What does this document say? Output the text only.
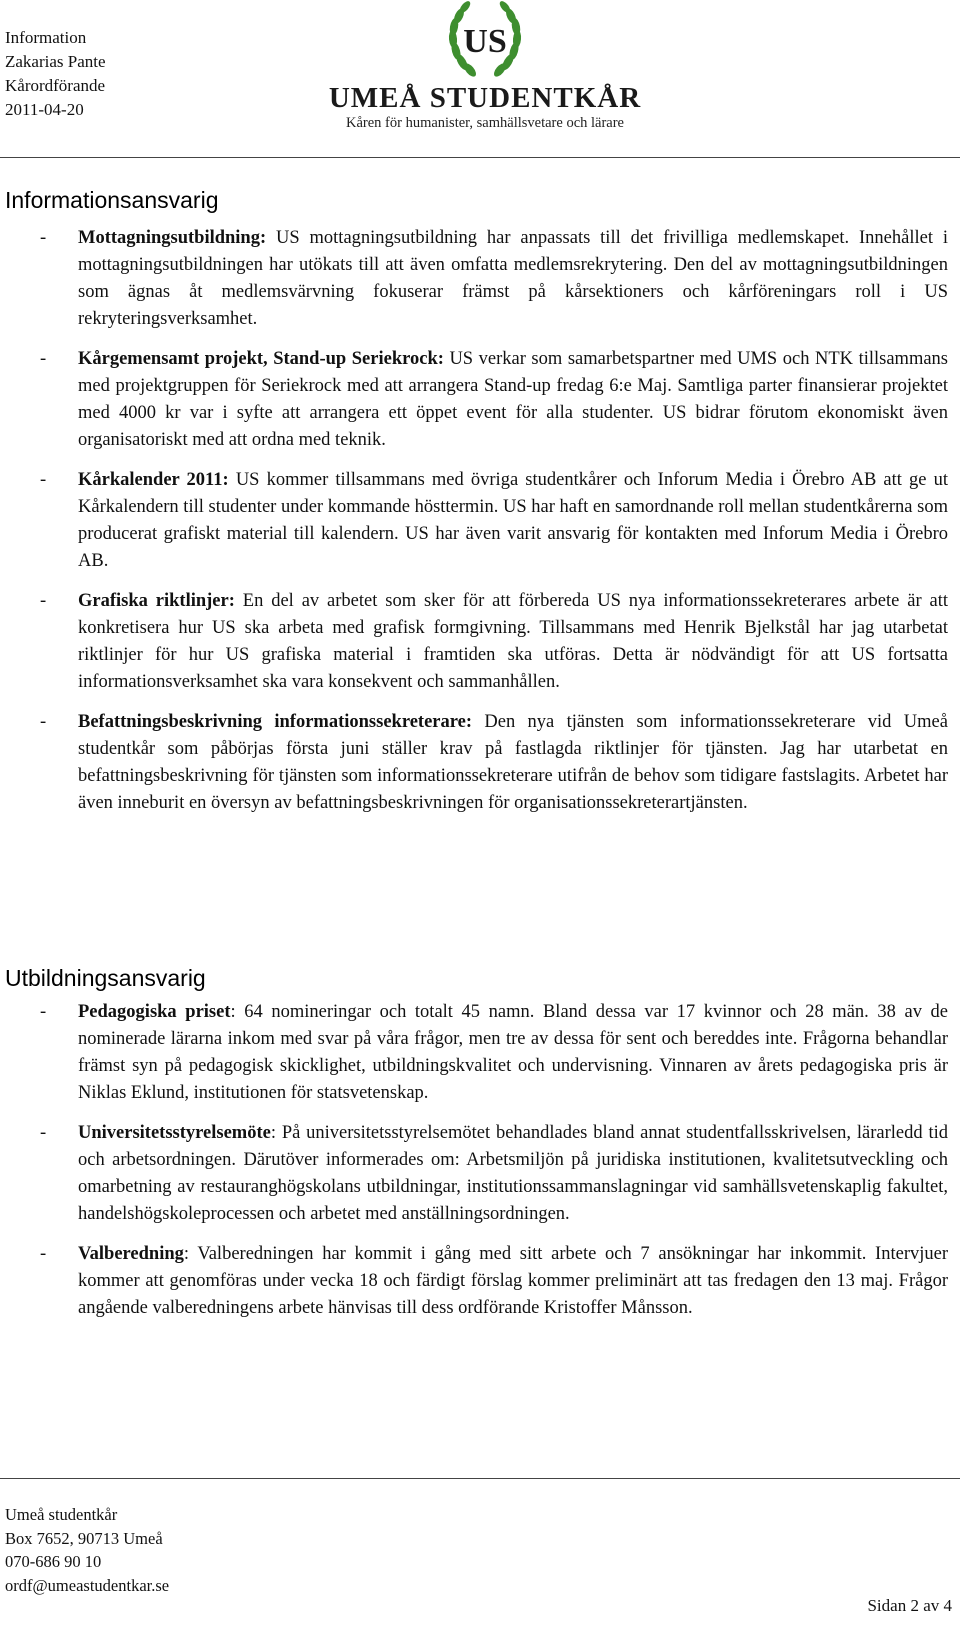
Information
Zakarias Pante
Kårordförande
2011-04-20
US
UMEÅ STUDENTKÅR
Kåren för humanister, samhällsvetare och lärare
Informationsansvarig
- Mottagningsutbildning: US mottagningsutbildning har anpassats till det frivilliga medlemskapet. Innehållet i mottagningsutbildningen har utökats till att även omfatta medlemsrekrytering. Den del av mottagningsutbildningen som ägnas åt medlemsvärvning fokuserar främst på kårsektioners och kårföreningars roll i US rekryteringsverksamhet.
- Kårgemensamt projekt, Stand-up Seriekrock: US verkar som samarbetspartner med UMS och NTK tillsammans med projektgruppen för Seriekrock med att arrangera Stand-up fredag 6:e Maj. Samtliga parter finansierar projektet med 4000 kr var i syfte att arrangera ett öppet event för alla studenter. US bidrar förutom ekonomiskt även organisatoriskt med att ordna med teknik.
- Kårkalender 2011: US kommer tillsammans med övriga studentkårer och Inforum Media i Örebro AB att ge ut Kårkalendern till studenter under kommande hösttermin. US har haft en samordnande roll mellan studentkårerna som producerat grafiskt material till kalendern. US har även varit ansvarig för kontakten med Inforum Media i Örebro AB.
- Grafiska riktlinjer: En del av arbetet som sker för att förbereda US nya informationssekreterares arbete är att konkretisera hur US ska arbeta med grafisk formgivning. Tillsammans med Henrik Bjelkstål har jag utarbetat riktlinjer för hur US grafiska material i framtiden ska utföras. Detta är nödvändigt för att US fortsatta informationsverksamhet ska vara konsekvent och sammanhållen.
- Befattningsbeskrivning informationssekreterare: Den nya tjänsten som informationssekreterare vid Umeå studentkår som påbörjas första juni ställer krav på fastlagda riktlinjer för tjänsten. Jag har utarbetat en befattningsbeskrivning för tjänsten som informationssekreterare utifrån de behov som tidigare fastslagits. Arbetet har även inneburit en översyn av befattningsbeskrivningen för organisationssekreterartjänsten.
Utbildningsansvarig
- Pedagogiska priset: 64 nomineringar och totalt 45 namn. Bland dessa var 17 kvinnor och 28 män. 38 av de nominerade lärarna inkom med svar på våra frågor, men tre av dessa för sent och bereddes inte. Frågorna behandlar främst syn på pedagogisk skicklighet, utbildningskvalitet och undervisning. Vinnaren av årets pedagogiska pris är Niklas Eklund, institutionen för statsvetenskap.
- Universitetsstyrelsemöte: På universitetsstyrelsemötet behandlades bland annat studentfallsskrivelsen, lärarledd tid och arbetsordningen. Därutöver informerades om: Arbetsmiljön på juridiska institutionen, kvalitetsutveckling och omarbetning av restauranghögskolans utbildningar, institutionssammanslagningar vid samhällsvetenskaplig fakultet, handelshögskoleprocessen och arbetet med anställningsordningen.
- Valberedning: Valberedningen har kommit i gång med sitt arbete och 7 ansökningar har inkommit. Intervjuer kommer att genomföras under vecka 18 och färdigt förslag kommer preliminärt att tas fredagen den 13 maj. Frågor angående valberedningens arbete hänvisas till dess ordförande Kristoffer Månsson.
Umeå studentkår
Box 7652, 90713 Umeå
070-686 90 10
ordf@umeastudentkar.se
Sidan 2 av 4
